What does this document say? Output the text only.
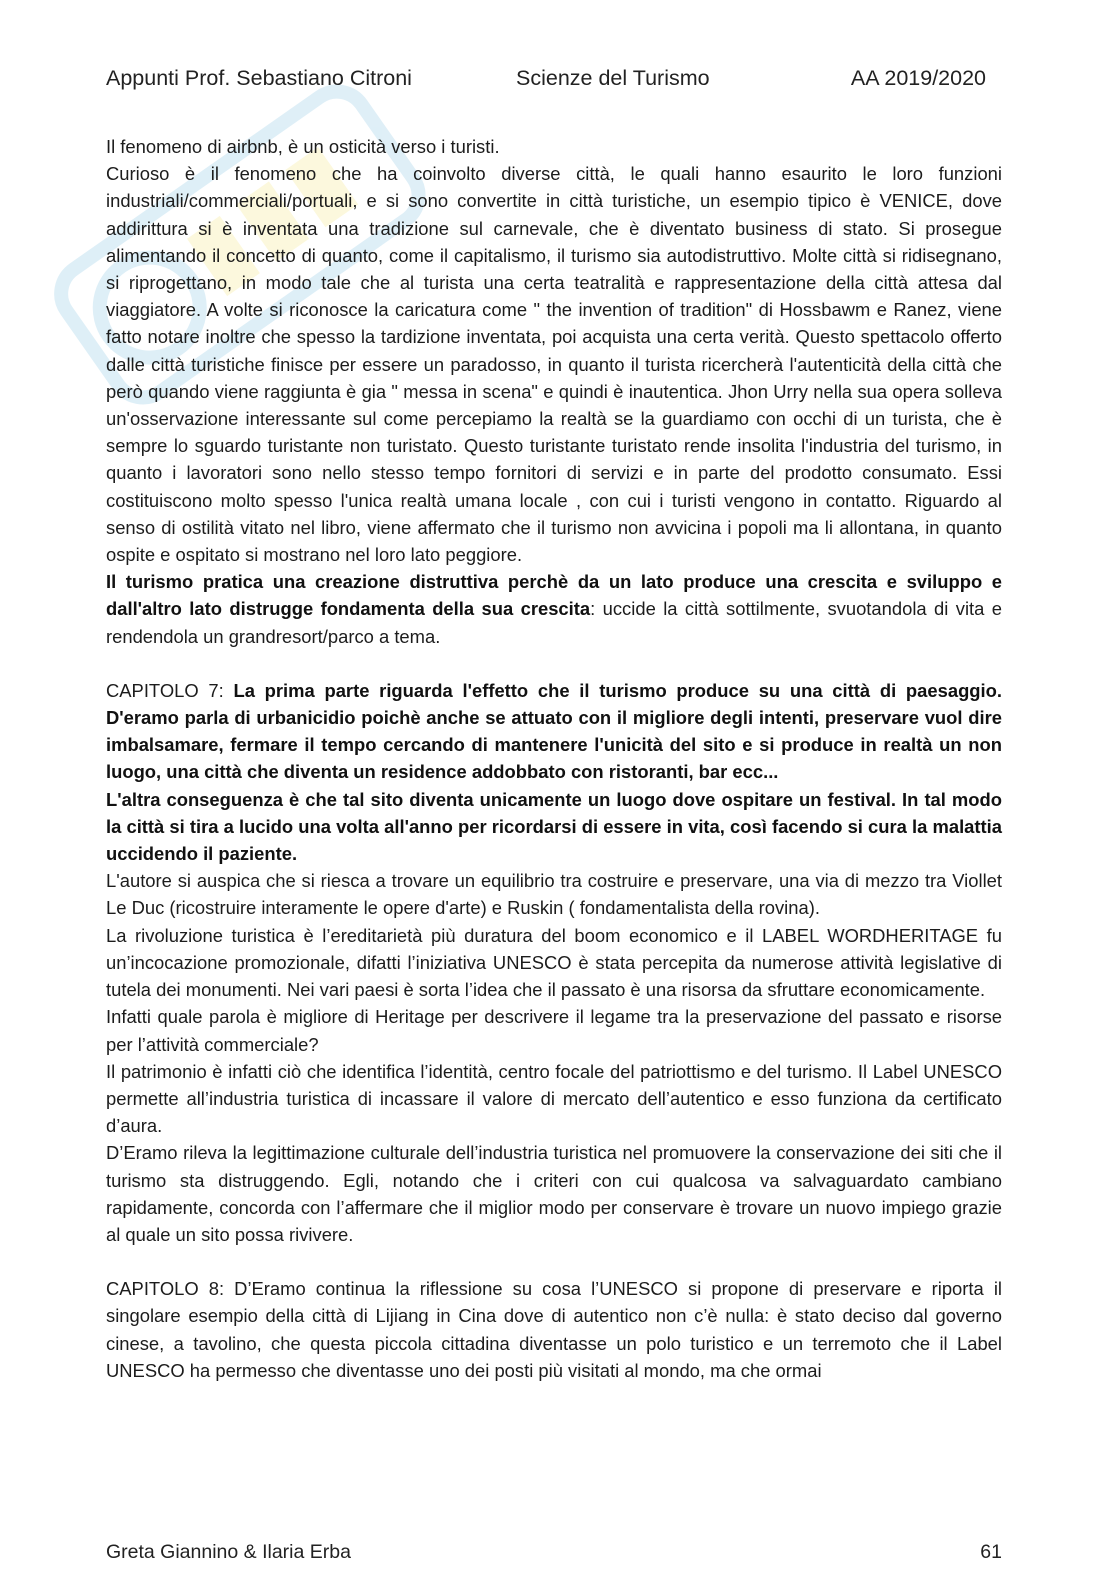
Appunti Prof. Sebastiano Citroni	Scienze del Turismo	AA 2019/2020

Il fenomeno di airbnb, è un osticità verso i turisti.

Curioso è il fenomeno che ha coinvolto diverse città, le quali hanno esaurito le loro funzioni industriali/commerciali/portuali, e si sono convertite in città turistiche, un esempio tipico è VENICE, dove addirittura si è inventata una tradizione sul carnevale, che è diventato business di stato. Si prosegue alimentando il concetto di quanto, come il capitalismo, il turismo sia autodistruttivo. Molte città si ridisegnano, si riprogettano, in modo tale che al turista una certa teatralità e rappresentazione della città attesa dal viaggiatore. A volte si riconosce la caricatura come " the invention of tradition" di Hossbawm e Ranez, viene fatto notare inoltre che spesso la tardizione inventata, poi acquista una certa verità. Questo spettacolo offerto dalle città turistiche finisce per essere un paradosso, in quanto il turista ricercherà l'autenticità della città che però quando viene raggiunta è gia " messa in scena" e quindi è inautentica. Jhon Urry nella sua opera solleva un'osservazione interessante sul come percepiamo la realtà se la guardiamo con occhi di un turista, che è sempre lo sguardo turistante non turistato. Questo turistante turistato rende insolita l'industria del turismo, in quanto i lavoratori sono nello stesso tempo fornitori di servizi e in parte del prodotto consumato. Essi costituiscono molto spesso l'unica realtà umana locale , con cui i turisti vengono in contatto. Riguardo al senso di ostilità vitato nel libro, viene affermato che il turismo non avvicina i popoli ma li allontana, in quanto ospite e ospitato si mostrano nel loro lato peggiore.

Il turismo pratica una creazione distruttiva perchè da un lato produce una crescita e sviluppo e dall'altro lato distrugge fondamenta della sua crescita: uccide la città sottilmente, svuotandola di vita e rendendola un grandresort/parco a tema.

CAPITOLO 7: La prima parte riguarda l'effetto che il turismo produce su una città di paesaggio. D'eramo parla di urbanicidio poichè anche se attuato con il migliore degli intenti, preservare vuol dire imbalsamare, fermare il tempo cercando di mantenere l'unicità del sito e si produce in realtà un non luogo, una città che diventa un residence addobbato con ristoranti, bar ecc...

L'altra conseguenza è che tal sito diventa unicamente un luogo dove ospitare un festival. In tal modo la città si tira a lucido una volta all'anno per ricordarsi di essere in vita, così facendo si cura la malattia uccidendo il paziente.

L'autore si auspica che si riesca a trovare un equilibrio tra costruire e preservare, una via di mezzo tra Viollet Le Duc (ricostruire interamente le opere d'arte) e Ruskin ( fondamentalista della rovina).

La rivoluzione turistica è l’ereditarietà più duratura del boom economico e il LABEL WORDHERITAGE fu un’incocazione promozionale, difatti l’iniziativa UNESCO è stata percepita da numerose attività legislative di tutela dei monumenti. Nei vari paesi è sorta l’idea che il passato è una risorsa da sfruttare economicamente.

Infatti quale parola è migliore di Heritage per descrivere il legame tra la preservazione del passato e risorse per l’attività commerciale?

Il patrimonio è infatti ciò che identifica l’identità, centro focale del patriottismo e del turismo. Il Label UNESCO permette all’industria turistica di incassare il valore di mercato dell’autentico e esso funziona da certificato d’aura.

D’Eramo rileva la legittimazione culturale dell’industria turistica nel promuovere la conservazione dei siti che il turismo sta distruggendo. Egli, notando che i criteri con cui qualcosa va salvaguardato cambiano rapidamente, concorda con l’affermare che il miglior modo per conservare è trovare un nuovo impiego grazie al quale un sito possa rivivere.

CAPITOLO 8: D’Eramo continua la riflessione su cosa l’UNESCO si propone di preservare e riporta il singolare esempio della città di Lijiang in Cina dove di autentico non c’è nulla: è stato deciso dal governo cinese, a tavolino, che questa piccola cittadina diventasse un polo turistico e un terremoto che il Label UNESCO ha permesso che diventasse uno dei posti più visitati al mondo, ma che ormai

Greta Giannino & Ilaria Erba	61
